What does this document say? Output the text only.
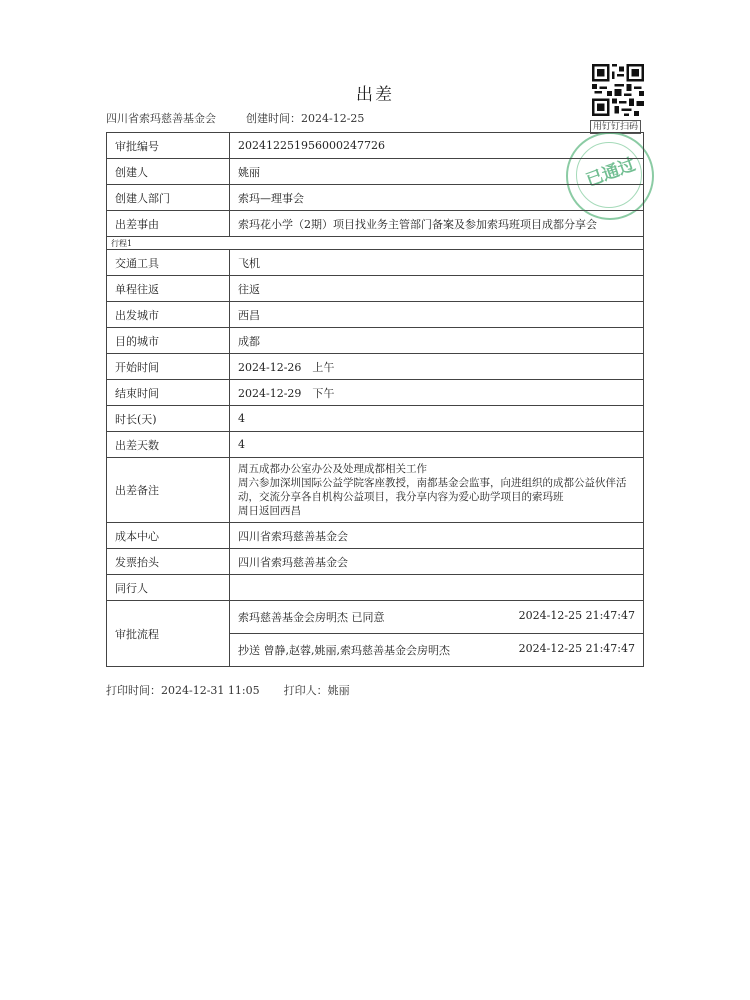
出差
四川省索玛慈善基金会	创建时间：2024-12-25
用钉钉扫码
已通过
审批编号	202412251956000247726
创建人	姚丽
创建人部门	索玛—理事会
出差事由	索玛花小学（2期）项目找业务主管部门备案及参加索玛班项目成都分享会
行程1	
交通工具	飞机
单程往返	往返
出发城市	西昌
目的城市	成都
开始时间	2024-12-26　上午
结束时间	2024-12-29　下午
时长(天)	4
出差天数	4
出差备注	周五成都办公室办公及处理成都相关工作
周六参加深圳国际公益学院客座教授，南都基金会监事，向进组织的成都公益伙伴活动，交流分享各自机构公益项目，我分享内容为爱心助学项目的索玛班
周日返回西昌

成本中心	四川省索玛慈善基金会
发票抬头	四川省索玛慈善基金会
同行人	
审批流程	索玛慈善基金会房明杰 已同意 2024-12-25 21:47:47
抄送 曾静,赵蓉,姚丽,索玛慈善基金会房明杰 2024-12-25 21:47:47
打印时间：2024-12-31 11:05 打印人：姚丽
